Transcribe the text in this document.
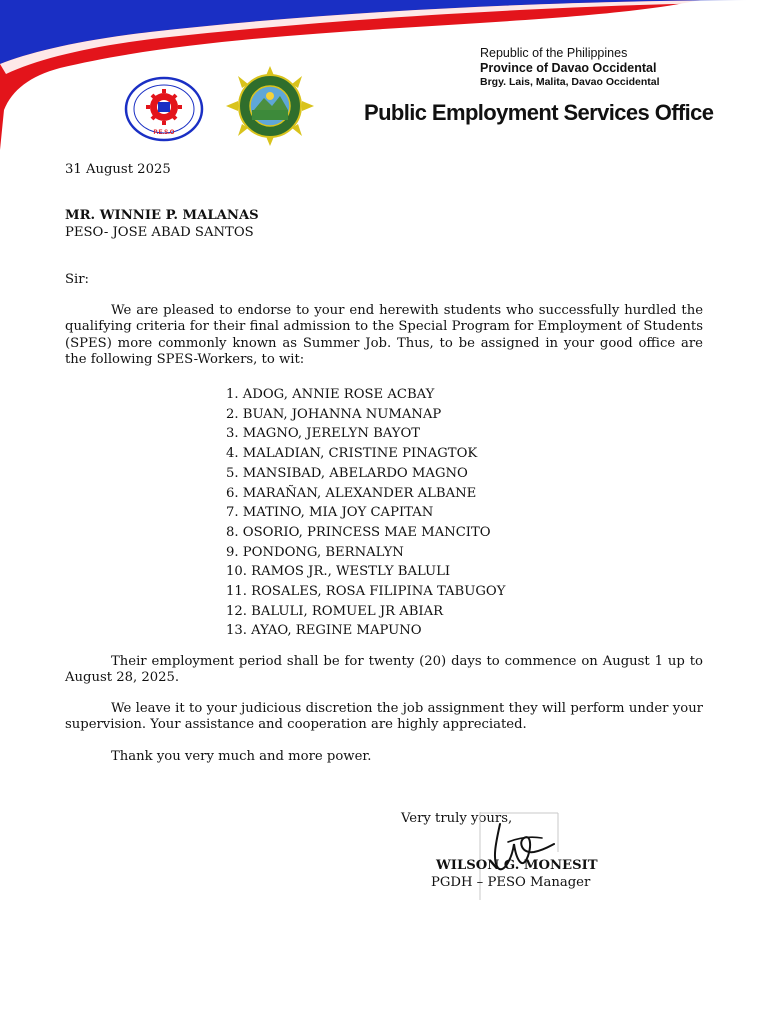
P.E.S.O
Republic of the Philippines
Province of Davao Occidental
Brgy. Lais, Malita, Davao Occidental
Public Employment Services Office
31 August 2025
MR. WINNIE P. MALANAS
PESO- JOSE ABAD SANTOS
Sir:
We are pleased to endorse to your end herewith students who successfully hurdled the qualifying criteria for their final admission to the Special Program for Employment of Students (SPES) more commonly known as Summer Job. Thus, to be assigned in your good office are the following SPES-Workers, to wit:
1. ADOG, ANNIE ROSE ACBAY
2. BUAN, JOHANNA NUMANAP
3. MAGNO, JERELYN BAYOT
4. MALADIAN, CRISTINE PINAGTOK
5. MANSIBAD, ABELARDO MAGNO
6. MARAÑAN, ALEXANDER ALBANE
7. MATINO, MIA JOY CAPITAN
8. OSORIO, PRINCESS MAE MANCITO
9. PONDONG, BERNALYN
10. RAMOS JR., WESTLY BALULI
11. ROSALES, ROSA FILIPINA TABUGOY
12. BALULI, ROMUEL JR ABIAR
13. AYAO, REGINE MAPUNO
Their employment period shall be for twenty (20) days to commence on August 1 up to August 28, 2025.
We leave it to your judicious discretion the job assignment they will perform under your supervision. Your assistance and cooperation are highly appreciated.
Thank you very much and more power.
Very truly yours,
WILSON G. MONESIT
PGDH – PESO Manager
